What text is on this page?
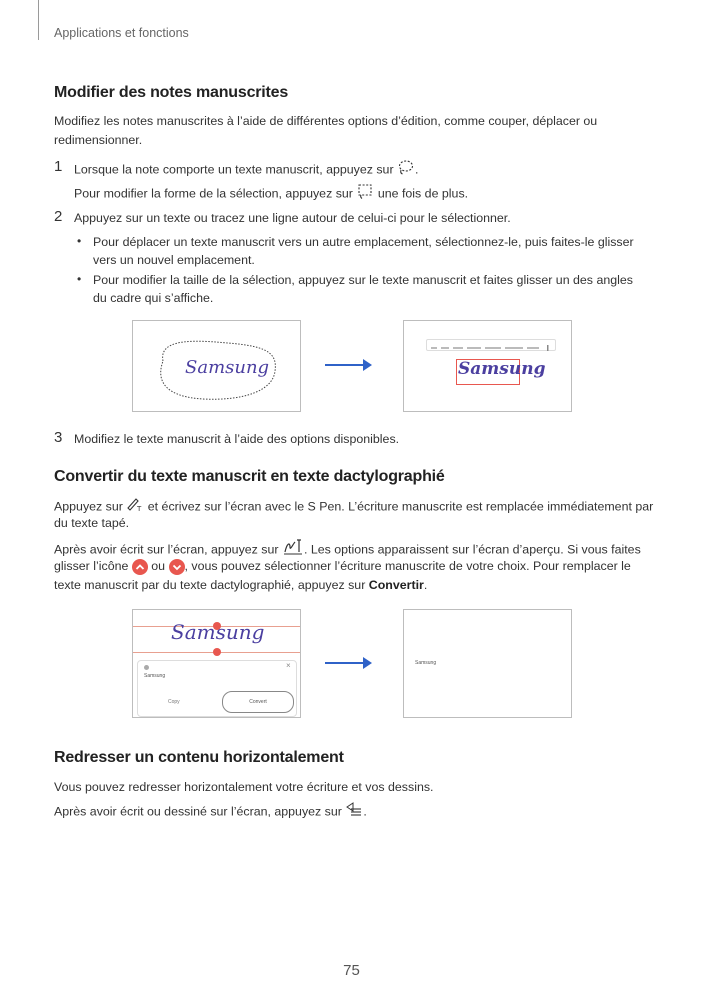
Applications et fonctions
Modifier des notes manuscrites
Modifiez les notes manuscrites à l’aide de différentes options d’édition, comme couper, déplacer ou
redimensionner.
1 Lorsque la note comporte un texte manuscrit, appuyez sur .
Pour modifier la forme de la sélection, appuyez sur une fois de plus.
2 Appuyez sur un texte ou tracez une ligne autour de celui-ci pour le sélectionner.
• Pour déplacer un texte manuscrit vers un autre emplacement, sélectionnez-le, puis faites-le glisser
vers un nouvel emplacement.
• Pour modifier la taille de la sélection, appuyez sur le texte manuscrit et faites glisser un des angles
du cadre qui s’affiche.
Samsung	Samsung
3 Modifiez le texte manuscrit à l’aide des options disponibles.
Convertir du texte manuscrit en texte dactylographié
Appuyez sur T et écrivez sur l’écran avec le S Pen. L’écriture manuscrite est remplacée immédiatement par
du texte tapé.
Après avoir écrit sur l’écran, appuyez sur . Les options apparaissent sur l’écran d’aperçu. Si vous faites
glisser l’icône ou , vous pouvez sélectionner l’écriture manuscrite de votre choix. Pour remplacer le
texte manuscrit par du texte dactylographié, appuyez sur Convertir.
Samsung
×
Samsung
Copy	Convert
Samsung
Redresser un contenu horizontalement
Vous pouvez redresser horizontalement votre écriture et vos dessins.
Après avoir écrit ou dessiné sur l’écran, appuyez sur .
75
